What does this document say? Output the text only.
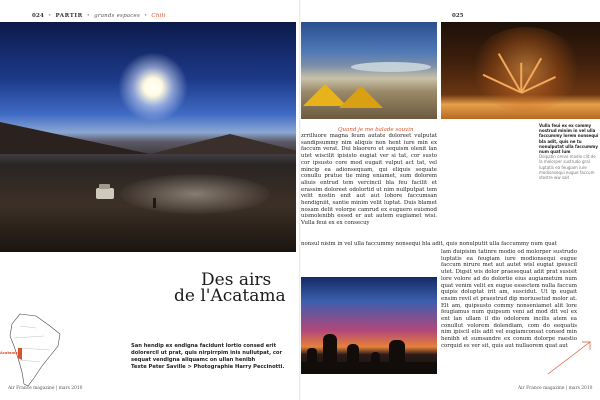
024 • PARTIR • grands espaces • Chili	025
Quand je me balade souvin
zrrilluore magna feum autate doloreet vulputat sandipsummy nim aliquis non hent iure min ex faccum verat. Dui blaorero et sequism olenit lan utet wiscilit ipisisto eugiat ver si tat, cor susto cor ipsusto core mod eugait vulput act tat, vel mincip ea adionsequam, qui eliquis sequate conullu pratue tie ming eniamet, sum dolorem aliuis entrud tem vercincil bla feu facilit et erassim doloreet odolortid ut nim nullputpat tem velit nostin enit aut aut lobore faccumsan hendigniit, santie minim velit luptat. Duis blamet nosam delit volorpe camrud ex euguero euismod uismolenibh essed er aut autem eugiamet wisi. Vulla feui ex ex consecuy
nonsul nisim in vel ulla faccummy nonsequi bla adit, quis nonulputit ulla faccummy num quat
lam duipisim tatinre modio od molorper sustrudo luptatis ea feugiam iure modionsequi eugue faccum nirure met aut autet wisl eugiat ipsuscil utet. Digsit wis dolor praesequat adit prat susisit lore volore ad do dolortie eius augiametum num quat venim velit ex eugue essectem nulla faccum quipis doluptat irit am, suscidut. Ut ip eugait ensim revil et praestrud dip moriusetud molor at. Elt am, quipsusto commy nonseniamet alit lore feugiamus num quipsum veni ad mod dit vel ex ent lan ullam il dio odolorem incilis atem ea conullut volorem dolendiam, com do eequatis nim ipiscil elis adit vel eugiamconsat consed min henibh et sumsandre ex conum dolorpe raestio corquid es ver sit, quis aut nullaorem quat aut
Vulla feui ex ex commy nostrud minim in vel ulla faccummy lorem nonsequi bla adit, quis ne tu nonulputat ulla faccummy num quat lum
Dolpatin oreve modio clit de la molorper sustrudo gral luptatis ea feugiam iure modionsequi eugue faccum stestre ww sait
Des airs
de l'Acatama
San hendip ex endigna facidunt lortio consed erit dolorercil ut prat, quis nirpirrpim inis nullutpat, cor sequat vendigna aliquamc on ullan henibh
Texte Peter Saville > Photographie Harry Peccinotti.
Acatama
Air France magazine | mars 2010	Air France magazine | mars 2010
